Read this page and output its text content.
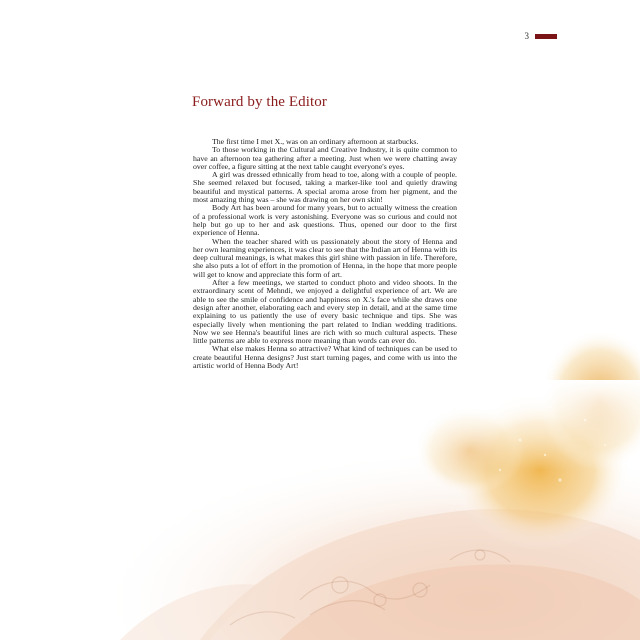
3
Forward by the Editor

The first time I met X., was on an ordinary afternoon at starbucks.

To those working in the Cultural and Creative Industry, it is quite common to have an afternoon tea gathering after a meeting. Just when we were chatting away over coffee, a figure sitting at the next table caught everyone's eyes.

A girl was dressed ethnically from head to toe, along with a couple of people. She seemed relaxed but focused, taking a marker-like tool and quietly drawing beautiful and mystical patterns. A special aroma arose from her pigment, and the most amazing thing was – she was drawing on her own skin!

Body Art has been around for many years, but to actually witness the creation of a professional work is very astonishing. Everyone was so curious and could not help but go up to her and ask questions. Thus, opened our door to the first experience of Henna.

When the teacher shared with us passionately about the story of Henna and her own learning experiences, it was clear to see that the Indian art of Henna with its deep cultural meanings, is what makes this girl shine with passion in life. Therefore, she also puts a lot of effort in the promotion of Henna, in the hope that more people will get to know and appreciate this form of art.

After a few meetings, we started to conduct photo and video shoots. In the extraordinary scent of Mehndi, we enjoyed a delightful experience of art. We are able to see the smile of confidence and happiness on X.'s face while she draws one design after another, elaborating each and every step in detail, and at the same time explaining to us patiently the use of every basic technique and tips. She was especially lively when mentioning the part related to Indian wedding traditions. Now we see Henna's beautiful lines are rich with so much cultural aspects. These little patterns are able to express more meaning than words can ever do.

What else makes Henna so attractive? What kind of techniques can be used to create beautiful Henna designs? Just start turning pages, and come with us into the artistic world of Henna Body Art!
